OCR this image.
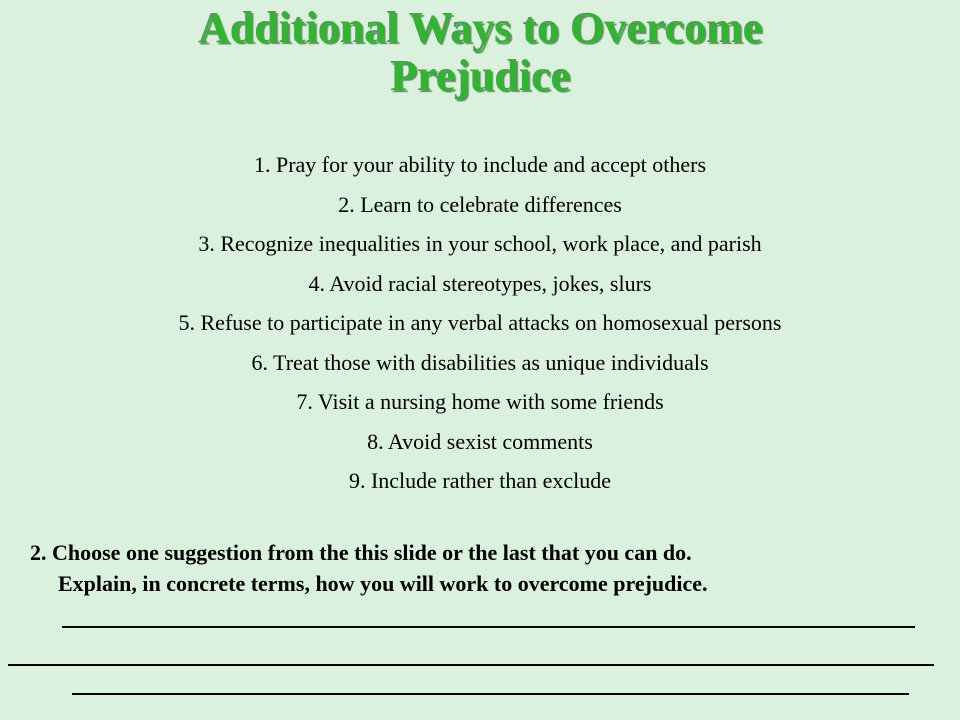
Additional Ways to Overcome
Prejudice
1. Pray for your ability to include and accept others
2. Learn to celebrate differences
3. Recognize inequalities in your school, work place, and parish
4. Avoid racial stereotypes, jokes, slurs
5. Refuse to participate in any verbal attacks on homosexual persons
6. Treat those with disabilities as unique individuals
7. Visit a nursing home with some friends
8. Avoid sexist comments
9. Include rather than exclude

2. Choose one suggestion from the this slide or the last that you can do.
Explain, in concrete terms, how you will work to overcome prejudice.
